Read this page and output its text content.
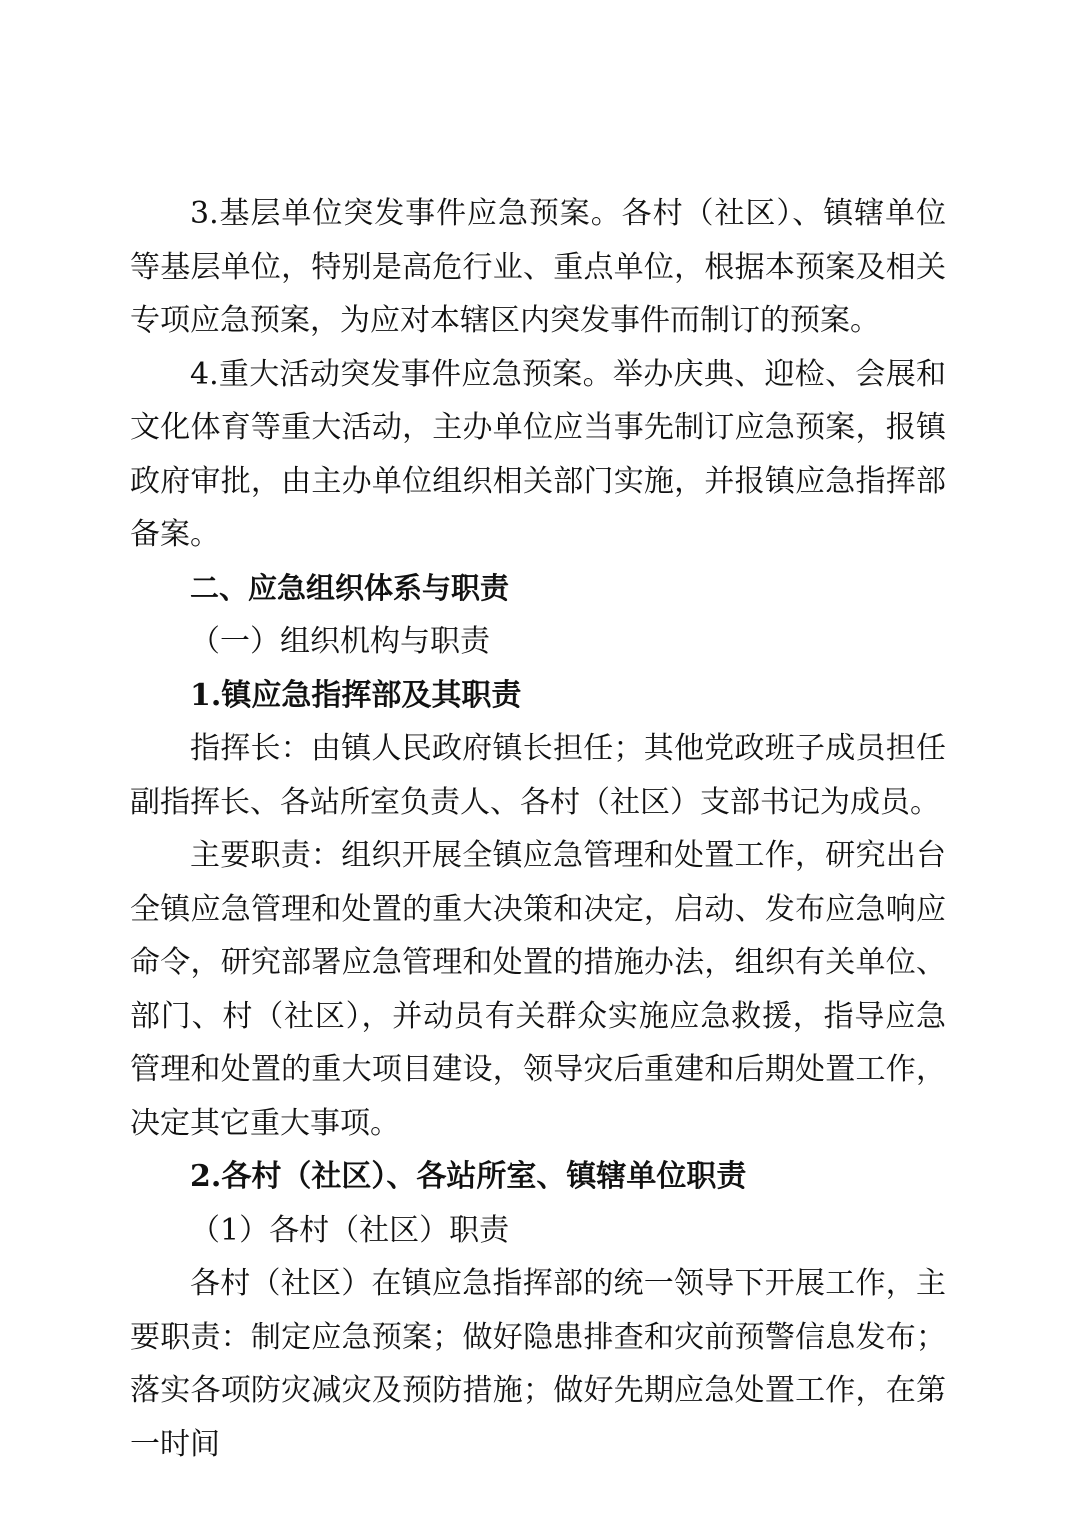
3.基层单位突发事件应急预案。各村（社区）、镇辖单位等基层单位，特别是高危行业、重点单位，根据本预案及相关专项应急预案，为应对本辖区内突发事件而制订的预案。

4.重大活动突发事件应急预案。举办庆典、迎检、会展和文化体育等重大活动，主办单位应当事先制订应急预案，报镇政府审批，由主办单位组织相关部门实施，并报镇应急指挥部备案。

二、应急组织体系与职责

（一）组织机构与职责

1.镇应急指挥部及其职责

指挥长：由镇人民政府镇长担任；其他党政班子成员担任副指挥长、各站所室负责人、各村（社区）支部书记为成员。

主要职责：组织开展全镇应急管理和处置工作，研究出台全镇应急管理和处置的重大决策和决定，启动、发布应急响应命令，研究部署应急管理和处置的措施办法，组织有关单位、部门、村（社区），并动员有关群众实施应急救援，指导应急管理和处置的重大项目建设，领导灾后重建和后期处置工作，决定其它重大事项。

2.各村（社区）、各站所室、镇辖单位职责

（1）各村（社区）职责

各村（社区）在镇应急指挥部的统一领导下开展工作，主要职责：制定应急预案；做好隐患排查和灾前预警信息发布；落实各项防灾减灾及预防措施；做好先期应急处置工作，在第一时间
